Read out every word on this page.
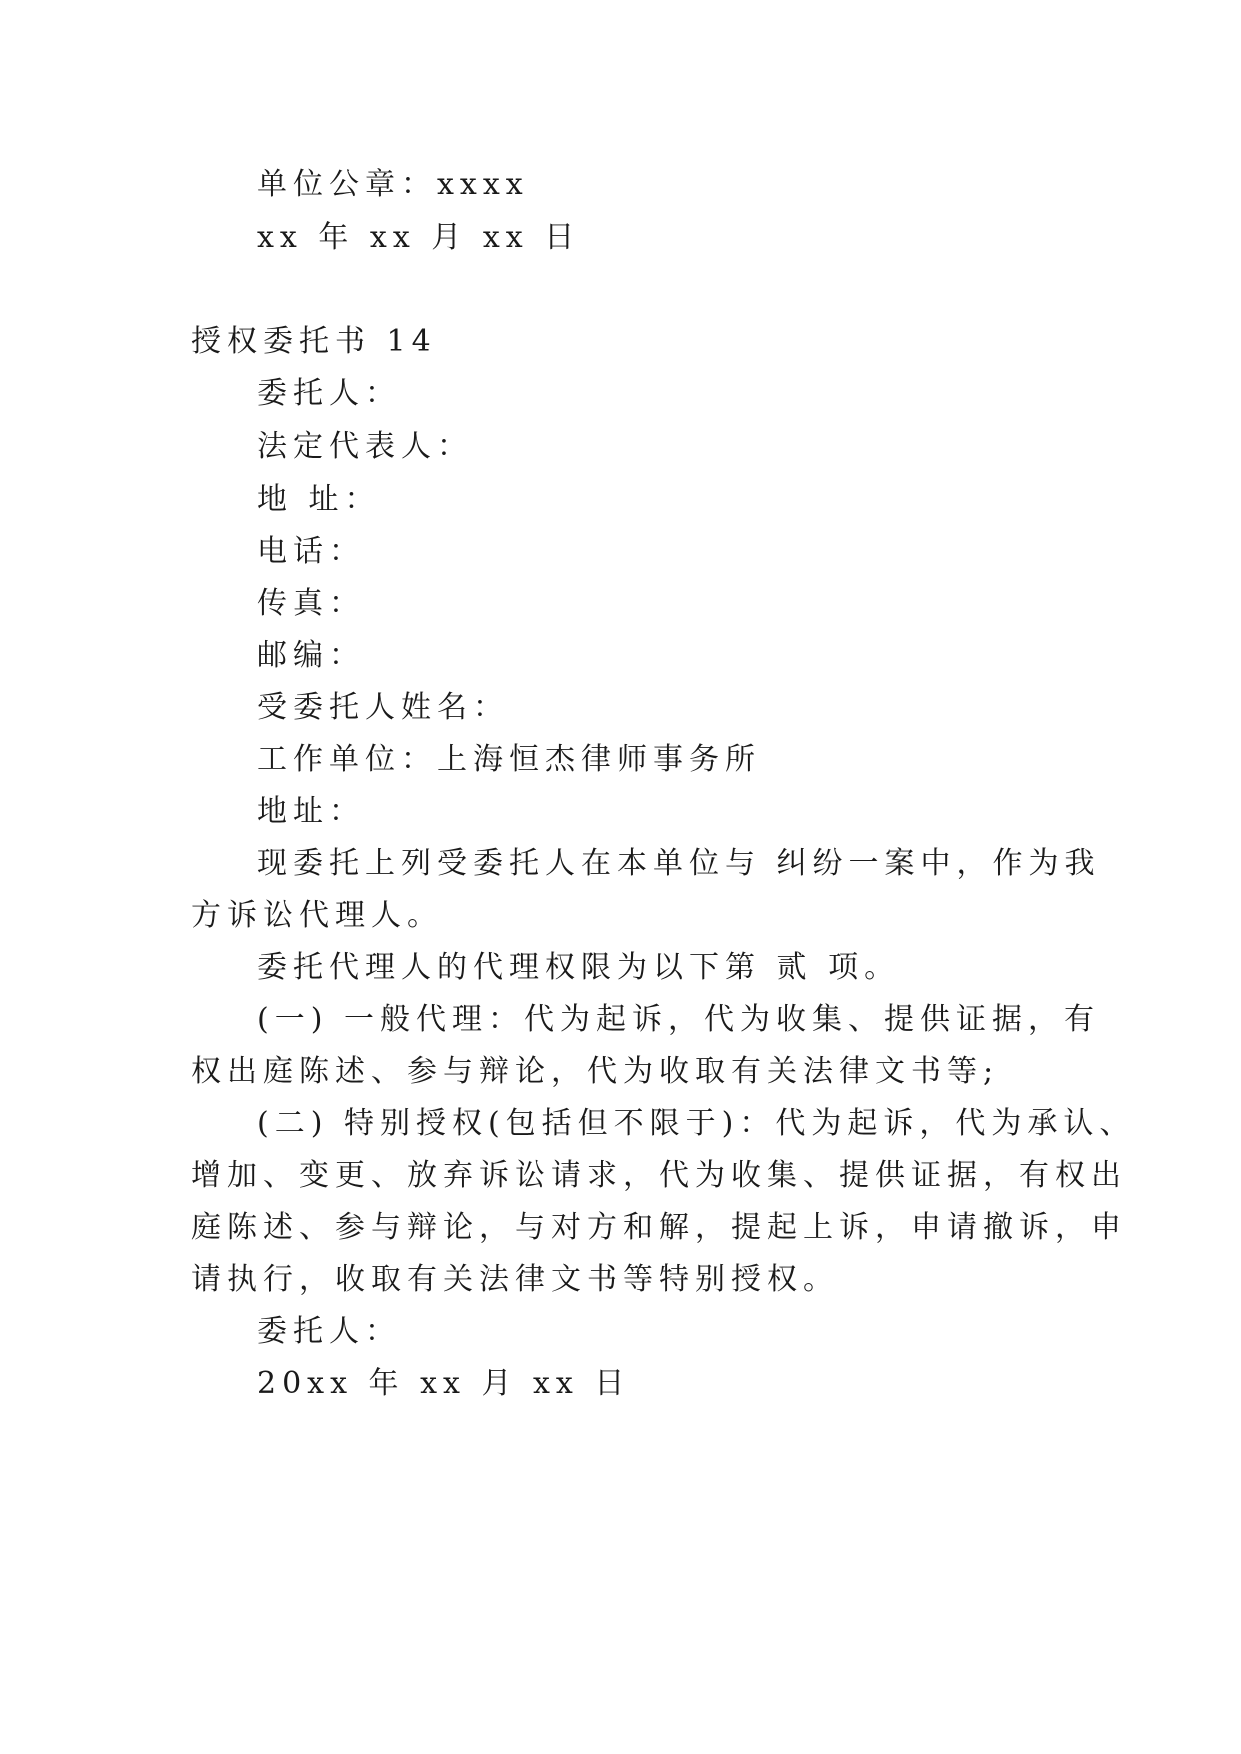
单位公章：xxxx
xx 年 xx 月 xx 日
授权委托书 14
委托人：
法定代表人：
地 址：
电话：
传真：
邮编：
受委托人姓名：
工作单位：上海恒杰律师事务所
地址：
现委托上列受委托人在本单位与 纠纷一案中，作为我
方诉讼代理人。
委托代理人的代理权限为以下第 贰 项。
(一) 一般代理：代为起诉，代为收集、提供证据，有
权出庭陈述、参与辩论，代为收取有关法律文书等;
(二) 特别授权(包括但不限于)：代为起诉，代为承认、
增加、变更、放弃诉讼请求，代为收集、提供证据，有权出
庭陈述、参与辩论，与对方和解，提起上诉，申请撤诉，申
请执行，收取有关法律文书等特别授权。
委托人：
20xx 年 xx 月 xx 日
